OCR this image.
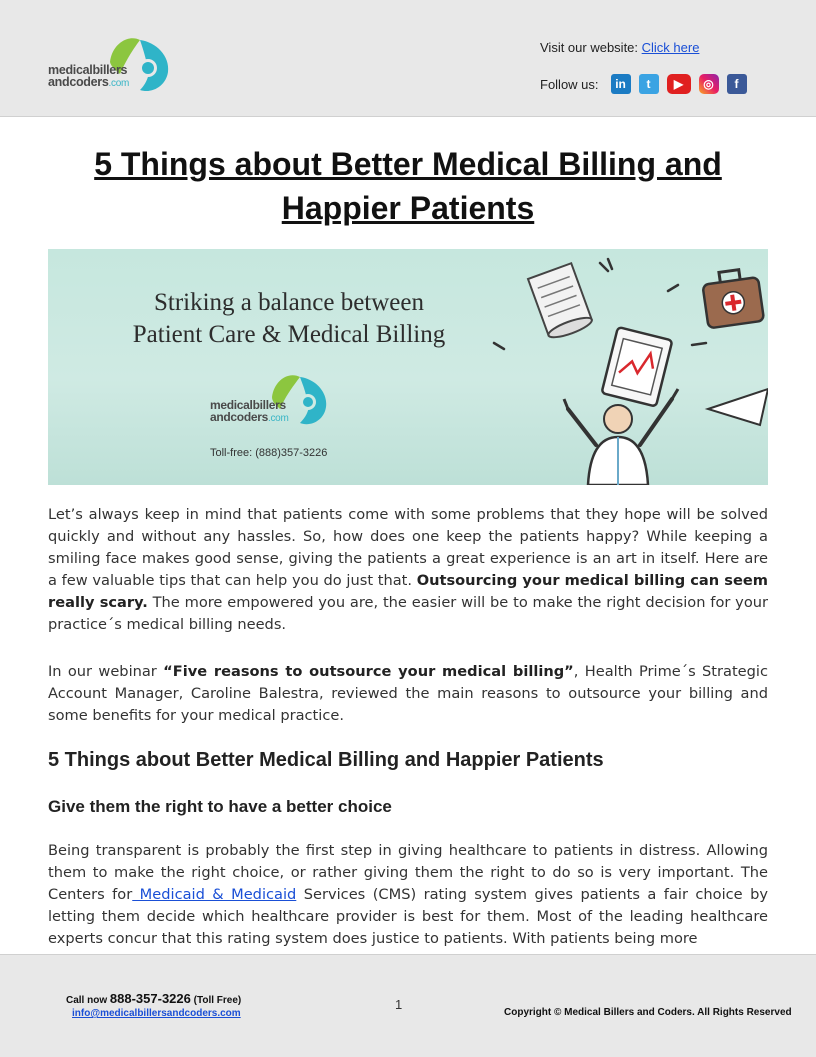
medicalbillers
andcoders.com
Visit our website: Click here
Follow us:	in	t	▶	◎	f
5 Things about Better Medical Billing and
Happier Patients
Striking a balance between
Patient Care & Medical Billing
medicalbillers
andcoders.com
Toll-free: (888)357-3226

Let’s always keep in mind that patients come with some problems that they hope will be solved quickly and without any hassles. So, how does one keep the patients happy? While keeping a smiling face makes good sense, giving the patients a great experience is an art in itself. Here are a few valuable tips that can help you do just that. Outsourcing your medical billing can seem really scary. The more empowered you are, the easier will be to make the right decision for your practice´s medical billing needs.

In our webinar “Five reasons to outsource your medical billing”, Health Prime´s Strategic Account Manager, Caroline Balestra, reviewed the main reasons to outsource your billing and some benefits for your medical practice.

5 Things about Better Medical Billing and Happier Patients
Give them the right to have a better choice

Being transparent is probably the first step in giving healthcare to patients in distress. Allowing them to make the right choice, or rather giving them the right to do so is very important. The Centers for Medicaid & Medicaid Services (CMS) rating system gives patients a fair choice by letting them decide which healthcare provider is best for them. Most of the leading healthcare experts concur that this rating system does justice to patients. With patients being more

Call now 888-357-3226 (Toll Free)
info@medicalbillersandcoders.com
1
Copyright © Medical Billers and Coders. All Rights Reserved
